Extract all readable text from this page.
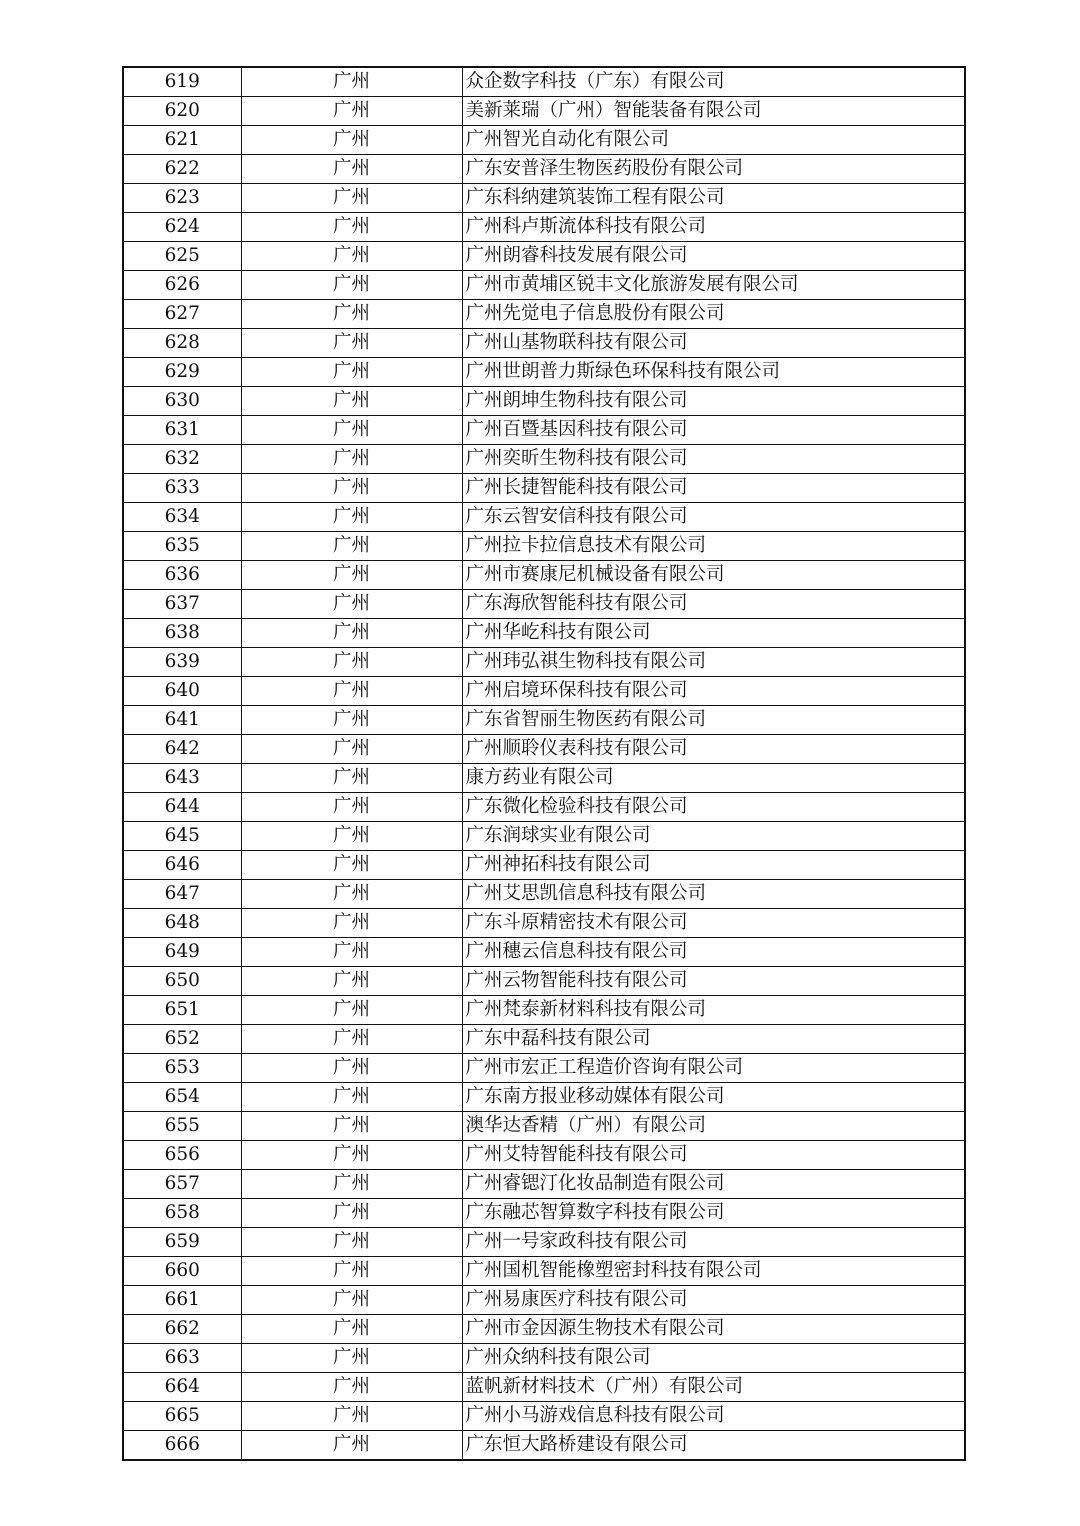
619	广州	众企数字科技（广东）有限公司
620	广州	美新莱瑞（广州）智能装备有限公司
621	广州	广州智光自动化有限公司
622	广州	广东安普泽生物医药股份有限公司
623	广州	广东科纳建筑装饰工程有限公司
624	广州	广州科卢斯流体科技有限公司
625	广州	广州朗睿科技发展有限公司
626	广州	广州市黄埔区锐丰文化旅游发展有限公司
627	广州	广州先觉电子信息股份有限公司
628	广州	广州山基物联科技有限公司
629	广州	广州世朗普力斯绿色环保科技有限公司
630	广州	广州朗坤生物科技有限公司
631	广州	广州百暨基因科技有限公司
632	广州	广州奕昕生物科技有限公司
633	广州	广州长捷智能科技有限公司
634	广州	广东云智安信科技有限公司
635	广州	广州拉卡拉信息技术有限公司
636	广州	广州市赛康尼机械设备有限公司
637	广州	广东海欣智能科技有限公司
638	广州	广州华屹科技有限公司
639	广州	广州玮弘祺生物科技有限公司
640	广州	广州启境环保科技有限公司
641	广州	广东省智丽生物医药有限公司
642	广州	广州顺聆仪表科技有限公司
643	广州	康方药业有限公司
644	广州	广东微化检验科技有限公司
645	广州	广东润球实业有限公司
646	广州	广州神拓科技有限公司
647	广州	广州艾思凯信息科技有限公司
648	广州	广东斗原精密技术有限公司
649	广州	广州穗云信息科技有限公司
650	广州	广州云物智能科技有限公司
651	广州	广州梵泰新材料科技有限公司
652	广州	广东中磊科技有限公司
653	广州	广州市宏正工程造价咨询有限公司
654	广州	广东南方报业移动媒体有限公司
655	广州	澳华达香精（广州）有限公司
656	广州	广州艾特智能科技有限公司
657	广州	广州睿锶汀化妆品制造有限公司
658	广州	广东融芯智算数字科技有限公司
659	广州	广州一号家政科技有限公司
660	广州	广州国机智能橡塑密封科技有限公司
661	广州	广州易康医疗科技有限公司
662	广州	广州市金因源生物技术有限公司
663	广州	广州众纳科技有限公司
664	广州	蓝帆新材料技术（广州）有限公司
665	广州	广州小马游戏信息科技有限公司
666	广州	广东恒大路桥建设有限公司
